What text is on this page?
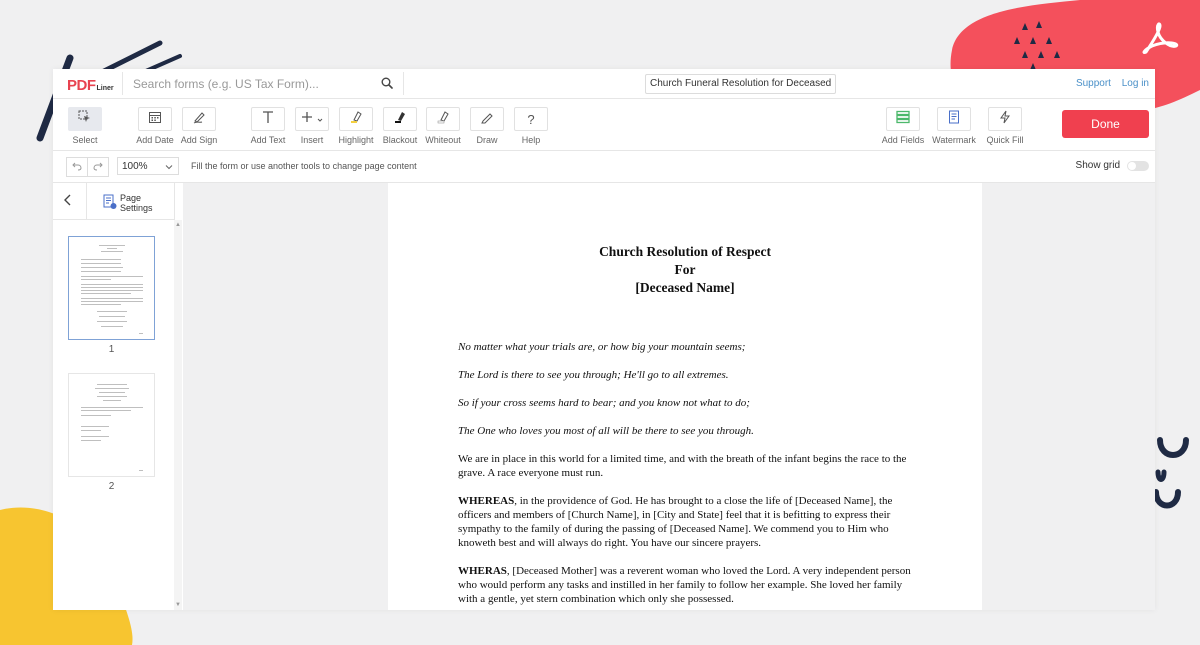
PDF Liner
Search forms (e.g. US Tax Form)...	Church Funeral Resolution for Deceased	Support Log in
Select	Add Date Add Sign	Add Text	Insert	Highlight	Blackout Whiteout	Draw
?
Help	Add Fields Watermark	Quick Fill
Done
100%	Fill the form or use another tools to change page content	Show grid
Page Settings
1
2
▲
▼
Church Resolution of Respect
For
[Deceased Name]
No matter what your trials are, or how big your mountain seems;
The Lord is there to see you through; He'll go to all extremes.
So if your cross seems hard to bear; and you know not what to do;
The One who loves you most of all will be there to see you through.
We are in place in this world for a limited time, and with the breath of the infant begins the race to the grave. A race everyone must run.
WHEREAS, in the providence of God. He has brought to a close the life of [Deceased Name], the officers and members of [Church Name], in [City and State] feel that it is befitting to express their sympathy to the family of during the passing of [Deceased Name]. We commend you to Him who knoweth best and will always do right. You have our sincere prayers.
WHERAS, [Deceased Mother] was a reverent woman who loved the Lord. A very independent person who would perform any tasks and instilled in her family to follow her example. She loved her family with a gentle, yet stern combination which only she possessed.
